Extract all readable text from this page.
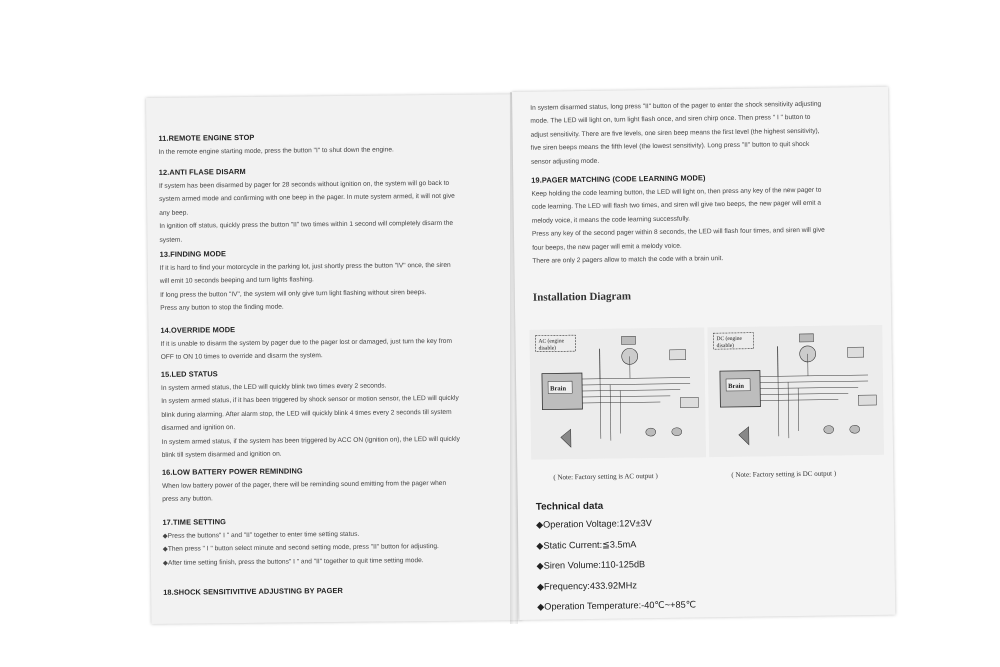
11.REMOTE ENGINE STOP
In the remote engine starting mode, press the button "I" to shut down the engine.
12.ANTI FLASE DISARM
If system has been disarmed by pager for 28 seconds without ignition on, the system will go back to
system armed mode and confirming with one beep in the pager. In mute system armed, it will not give
any beep.
In ignition off status, quickly press the button "II" two times within 1 second will completely disarm the
system.
13.FINDING MODE
If it is hard to find your motorcycle in the parking lot, just shortly press the button "IV" once, the siren
will emit 10 seconds beeping and turn lights flashing.
If long press the button "IV", the system will only give turn light flashing without siren beeps.
Press any button to stop the finding mode.
14.OVERRIDE MODE
If it is unable to disarm the system by pager due to the pager lost or damaged, just turn the key from
OFF to ON 10 times to override and disarm the system.
15.LED STATUS
In system armed status, the LED will quickly blink two times every 2 seconds.
In system armed status, if it has been triggered by shock sensor or motion sensor, the LED will quickly
blink during alarming. After alarm stop, the LED will quickly blink 4 times every 2 seconds till system
disarmed and ignition on.
In system armed status, if the system has been triggered by ACC ON (ignition on), the LED will quickly
blink till system disarmed and ignition on.
16.LOW BATTERY POWER REMINDING
When low battery power of the pager, there will be reminding sound emitting from the pager when
press any button.
17.TIME SETTING
◆Press the buttons" I " and "II" together to enter time setting status.
◆Then press " I " button select minute and second setting mode, press "II" button for adjusting.
◆After time setting finish, press the buttons" I " and "II" together to quit time setting mode.
18.SHOCK SENSITIVITIVE ADJUSTING BY PAGER
In system disarmed status, long press "II" button of the pager to enter the shock sensitivity adjusting
mode. The LED will light on, turn light flash once, and siren chirp once. Then press " I " button to
adjust sensitivity. There are five levels, one siren beep means the first level (the highest sensitivity),
five siren beeps means the fifth level (the lowest sensitivity). Long press "II" button to quit shock
sensor adjusting mode.
19.PAGER MATCHING (CODE LEARNING MODE)
Keep holding the code learning button, the LED will light on, then press any key of the new pager to
code learning. The LED will flash two times, and siren will give two beeps, the new pager will emit a
melody voice, it means the code learning successfully.
Press any key of the second pager within 8 seconds, the LED will flash four times, and siren will give
four beeps, the new pager will emit a melody voice.
There are only 2 pagers allow to match the code with a brain unit.
Installation Diagram
AC (engine
disable)
Brain
( Note: Factory setting is AC output )
DC (engine
disable)
Brain
( Note: Factory setting is DC output )
Technical data
◆Operation Voltage:12V±3V
◆Static Current:≦3.5mA
◆Siren Volume:110-125dB
◆Frequency:433.92MHz
◆Operation Temperature:-40℃~+85℃
